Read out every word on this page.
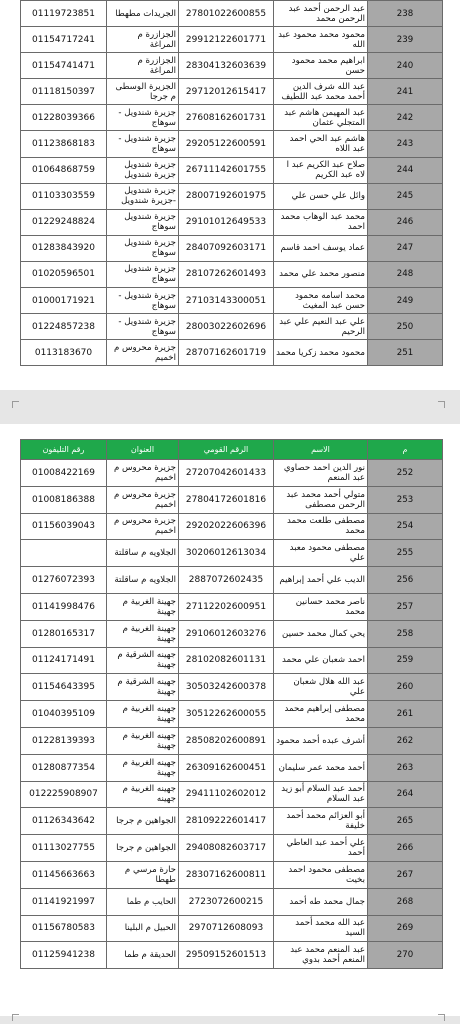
238	عبد الرحمن أحمد عبد الرحمن محمد	27801022600855	الجريدات مطهطا	01119723851
239	محمود محمد محمود عبد الله	29912122601771	الجزازرة م المراغة	01154717241
240	ابراهيم محمد محمود حسن	28304132603639	الجزازرة م المراغة	01154741471
241	عبد الله شرف الدين أحمد محمد عبد اللطيف	29712012615417	الجزيرة الوسطى م جرجا	01118150397
242	عبد المهيمن هاشم عبد المتجلي عثمان	27608162601731	جزيرة شندويل - سوهاج	01228039366
243	هاشم عبد الحي احمد عبد اللاه	29205122600591	جزيرة شندويل - سوهاج	01123868183
244	صلاح عبد الكريم عبد ا لاه عبد الكريم	26711142601755	جزيرة شندويل جزيرة شندويل	01064868759
245	وائل علي حسن علي	28007192601975	جزيرة شندويل -جزيرة شندويل	01103303559
246	محمد عبد الوهاب محمد احمد	29101012649533	جزيرة شندويل سوهاج	01229248824
247	عماد يوسف احمد قاسم	28407092603171	جزيرة شندويل سوهاج	01283843920
248	منصور محمد علي محمد	28107262601493	جزيرة شندويل سوهاج	01020596501
249	محمد اسامه محمود حسن عبد المغيث	27103143300051	جزيرة شندويل - سوهاج	01000171921
250	علي عبد النعيم علي عبد الرحيم	28003022602696	جزيرة شندويل - سوهاج	01224857238
251	محمود محمد زكريا محمد	28707162601719	جزيرة محروس م اخميم	0113183670
م	الاسم	الرقم القومي	العنوان	رقم التليفون
252	نور الدين احمد حصاوي عبد المنعم	27207042601433	جزيرة محروس م اخميم	01008422169
253	متولي أحمد محمد عبد الرحمن مصطفى	27804172601816	جزيرة محروس م اخميم	01008186388
254	مصطفى طلعت محمد محمد	29202022606396	جزيرة محروس م اخميم	01156039043
255	مصطفى محمود معبد علي	30206012613034	الجلاويه م ساقلتة	
256	الديب علي أحمد إبراهيم	2887072602435	الجلاويه م ساقلتة	01276072393
257	ناصر محمد حسانين محمد	27112202600951	جهينة الغربية م جهينة	01141998476
258	يحي كمال محمد حسين	29106012603276	جهينة الغربية م جهينة	01280165317
259	احمد شعبان علي محمد	28102082601131	جهينه الشرقية م جهينة	01124171491
260	عبد الله هلال شعبان علي	30503242600378	جهينه الشرقية م جهينة	01154643395
261	مصطفى إبراهيم محمد محمد	30512262600055	جهينه الغربية م جهينة	01040395109
262	أشرف عبده أحمد محمود	28508202600891	جهينه الغربية م جهينة	01228139393
263	أحمد محمد عمر سليمان	26309162600451	جهينه الغربية م جهينة	01280877354
264	أحمد عبد السلام أبو زيد عبد السلام	29411102602012	جهينه الغربية م جهينه	012225908907
265	أبو العزائم محمد أحمد خليفة	28109222601417	الجواهين م جرجا	01126343642
266	علي أحمد عبد العاطي أحمد	29408082603717	الجواهين م جرجا	01113027755
267	مصطفى محمود احمد بخيت	28307162600811	حارة مرسي م طهطا	01145663663
268	جمال محمد طه أحمد	2723072600215	الحايب م طما	01141921997
269	عبد الله محمد أحمد السيد	2970712608093	الحبيل م البلينا	01156780583
270	عبد المنعم محمد عبد المنعم أحمد بدوي	29509152601513	الحديقة م طما	01125941238
